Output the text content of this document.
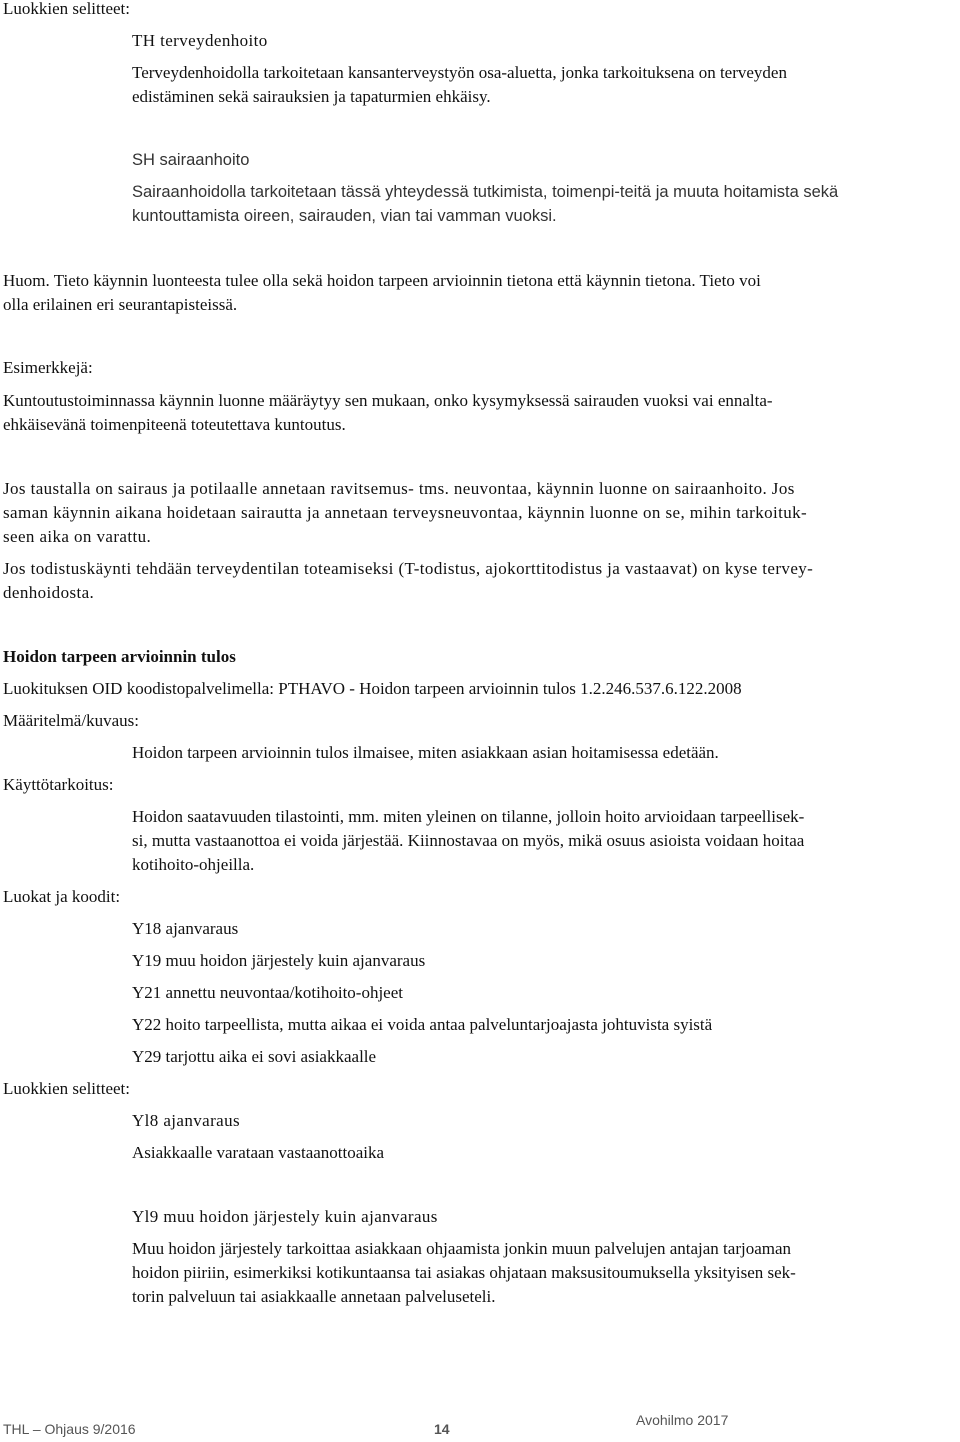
Luokkien selitteet:

TH terveydenhoito

Terveydenhoidolla tarkoitetaan kansanterveystyön osa-aluetta, jonka tarkoituksena on terveyden

edistäminen sekä sairauksien ja tapaturmien ehkäisy.

SH sairaanhoito

Sairaanhoidolla tarkoitetaan tässä yhteydessä tutkimista, toimenpi-teitä ja muuta hoitamista sekä

kuntouttamista oireen, sairauden, vian tai vamman vuoksi.

Huom. Tieto käynnin luonteesta tulee olla sekä hoidon tarpeen arvioinnin tietona että käynnin tietona. Tieto voi

olla erilainen eri seurantapisteissä.

Esimerkkejä:

Kuntoutustoiminnassa käynnin luonne määräytyy sen mukaan, onko kysymyksessä sairauden vuoksi vai ennalta-

ehkäisevänä toimenpiteenä toteutettava kuntoutus.

Jos taustalla on sairaus ja potilaalle annetaan ravitsemus- tms. neuvontaa, käynnin luonne on sairaanhoito. Jos

saman käynnin aikana hoidetaan sairautta ja annetaan terveysneuvontaa, käynnin luonne on se, mihin tarkoituk-

seen aika on varattu.

Jos todistuskäynti tehdään terveydentilan toteamiseksi (T-todistus, ajokorttitodistus ja vastaavat) on kyse tervey-

denhoidosta.

Hoidon tarpeen arvioinnin tulos

Luokituksen OID koodistopalvelimella: PTHAVO - Hoidon tarpeen arvioinnin tulos 1.2.246.537.6.122.2008

Määritelmä/kuvaus:

Hoidon tarpeen arvioinnin tulos ilmaisee, miten asiakkaan asian hoitamisessa edetään.

Käyttötarkoitus:

Hoidon saatavuuden tilastointi, mm. miten yleinen on tilanne, jolloin hoito arvioidaan tarpeellisek-

si, mutta vastaanottoa ei voida järjestää. Kiinnostavaa on myös, mikä osuus asioista voidaan hoitaa

kotihoito-ohjeilla.

Luokat ja koodit:

Y18 ajanvaraus

Y19 muu hoidon järjestely kuin ajanvaraus

Y21 annettu neuvontaa/kotihoito-ohjeet

Y22 hoito tarpeellista, mutta aikaa ei voida antaa palveluntarjoajasta johtuvista syistä

Y29 tarjottu aika ei sovi asiakkaalle

Luokkien selitteet:

Yl8 ajanvaraus

Asiakkaalle varataan vastaanottoaika

Yl9 muu hoidon järjestely kuin ajanvaraus

Muu hoidon järjestely tarkoittaa asiakkaan ohjaamista jonkin muun palvelujen antajan tarjoaman

hoidon piiriin, esimerkiksi kotikuntaansa tai asiakas ohjataan maksusitoumuksella yksityisen sek-

torin palveluun tai asiakkaalle annetaan palveluseteli.

THL – Ohjaus 9/2016	14
Avohilmo 2017
